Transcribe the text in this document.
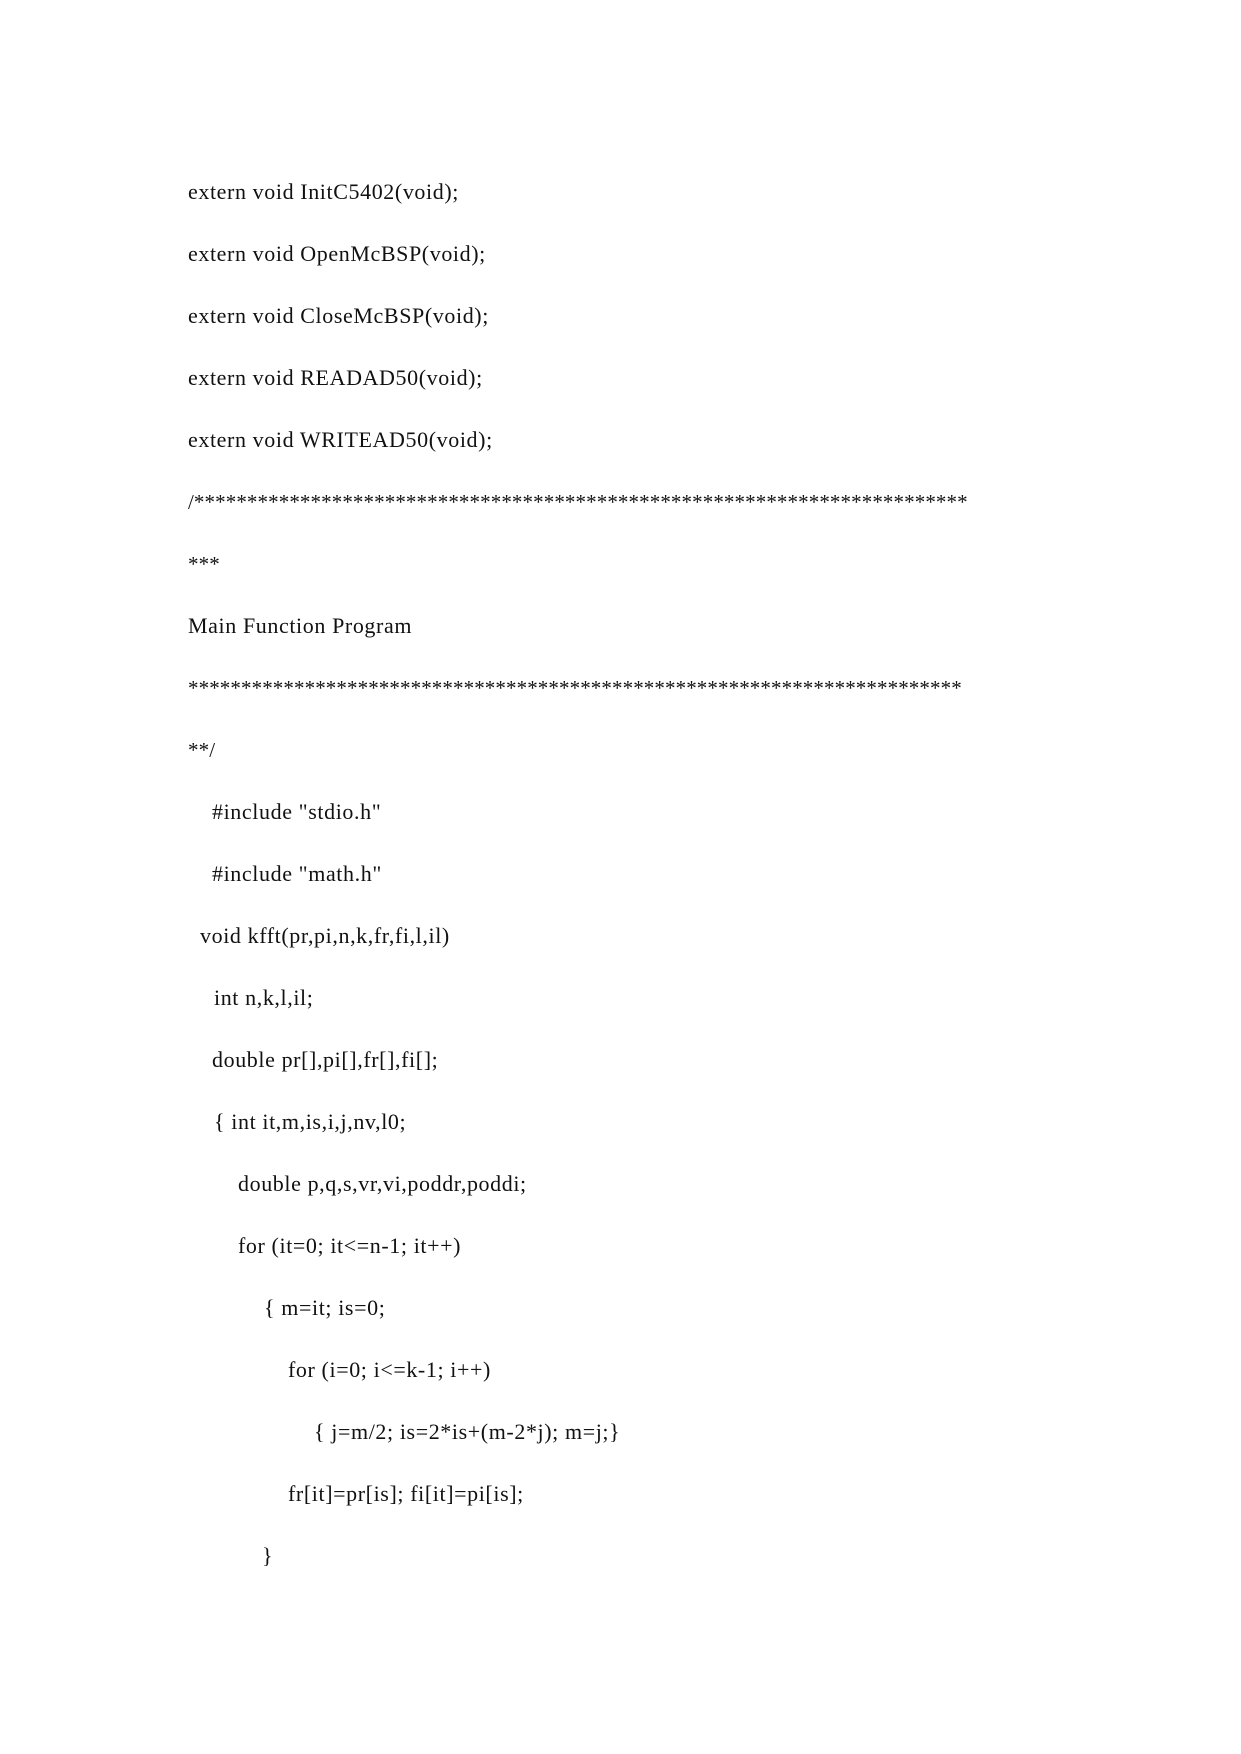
extern void InitC5402(void);
extern void OpenMcBSP(void);
extern void CloseMcBSP(void);
extern void READAD50(void);
extern void WRITEAD50(void);
/*************************************************************************
***
Main Function Program
*************************************************************************
**/
#include "stdio.h"
#include "math.h"
void kfft(pr,pi,n,k,fr,fi,l,il)
int n,k,l,il;
double pr[],pi[],fr[],fi[];
{ int it,m,is,i,j,nv,l0;
double p,q,s,vr,vi,poddr,poddi;
for (it=0; it<=n-1; it++)
{ m=it; is=0;
for (i=0; i<=k-1; i++)
{ j=m/2; is=2*is+(m-2*j); m=j;}
fr[it]=pr[is]; fi[it]=pi[is];
}
